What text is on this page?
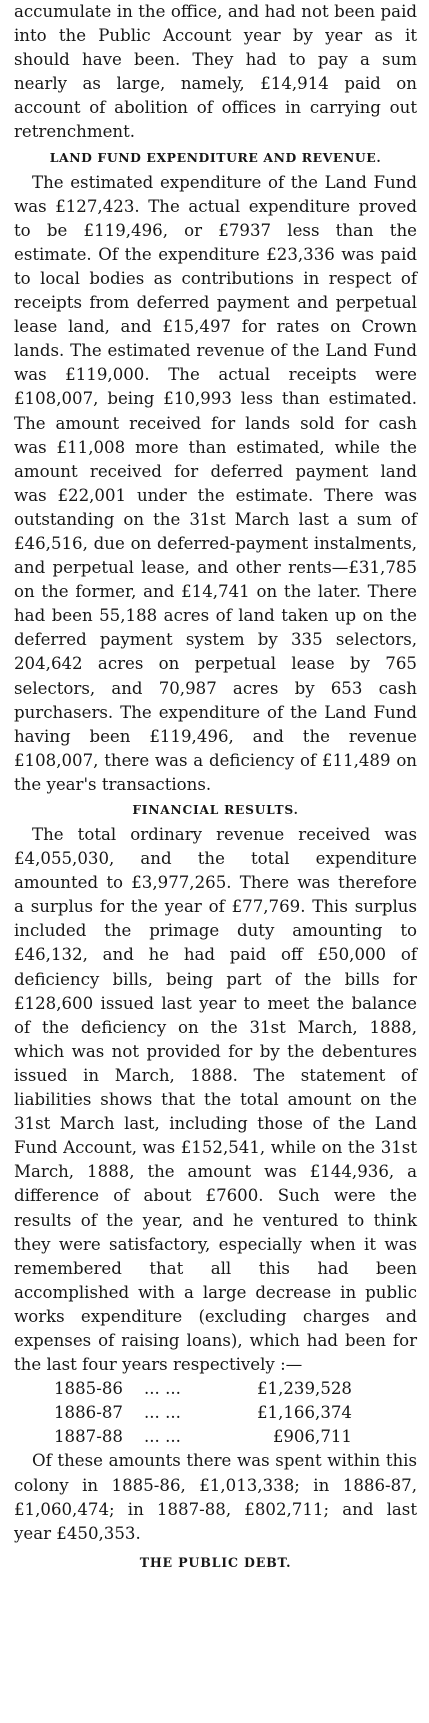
accumulate in the office, and had not been paid into the Public Account year by year as it should have been. They had to pay a sum nearly as large, namely, £14,914 paid on account of abolition of offices in carrying out retrenchment.

LAND FUND EXPENDITURE AND REVENUE.

The estimated expenditure of the Land Fund was £127,423. The actual expenditure proved to be £119,496, or £7937 less than the estimate. Of the expenditure £23,336 was paid to local bodies as contributions in respect of receipts from deferred payment and perpetual lease land, and £15,497 for rates on Crown lands. The estimated revenue of the Land Fund was £119,000. The actual receipts were £108,007, being £10,993 less than estimated. The amount received for lands sold for cash was £11,008 more than estimated, while the amount received for deferred payment land was £22,001 under the estimate. There was outstanding on the 31st March last a sum of £46,516, due on deferred-payment instalments, and perpetual lease, and other rents—£31,785 on the former, and £14,741 on the later. There had been 55,188 acres of land taken up on the deferred payment system by 335 selectors, 204,642 acres on perpetual lease by 765 selectors, and 70,987 acres by 653 cash purchasers. The expenditure of the Land Fund having been £119,496, and the revenue £108,007, there was a deficiency of £11,489 on the year's transactions.

FINANCIAL RESULTS.

The total ordinary revenue received was £4,055,030, and the total expenditure amounted to £3,977,265. There was therefore a surplus for the year of £77,769. This surplus included the primage duty amounting to £46,132, and he had paid off £50,000 of deficiency bills, being part of the bills for £128,600 issued last year to meet the balance of the deficiency on the 31st March, 1888, which was not provided for by the debentures issued in March, 1888. The statement of liabilities shows that the total amount on the 31st March last, including those of the Land Fund Account, was £152,541, while on the 31st March, 1888, the amount was £144,936, a difference of about £7600. Such were the results of the year, and he ventured to think they were satisfactory, especially when it was remembered that all this had been accomplished with a large decrease in public works expenditure (excluding charges and expenses of raising loans), which had been for the last four years respectively :—

1885-86	... ...	£1,239,528
1886-87	... ...	£1,166,374
1887-88	... ...	£906,711

Of these amounts there was spent within this colony in 1885-86, £1,013,338; in 1886-87, £1,060,474; in 1887-88, £802,711; and last year £450,353.

THE PUBLIC DEBT.
